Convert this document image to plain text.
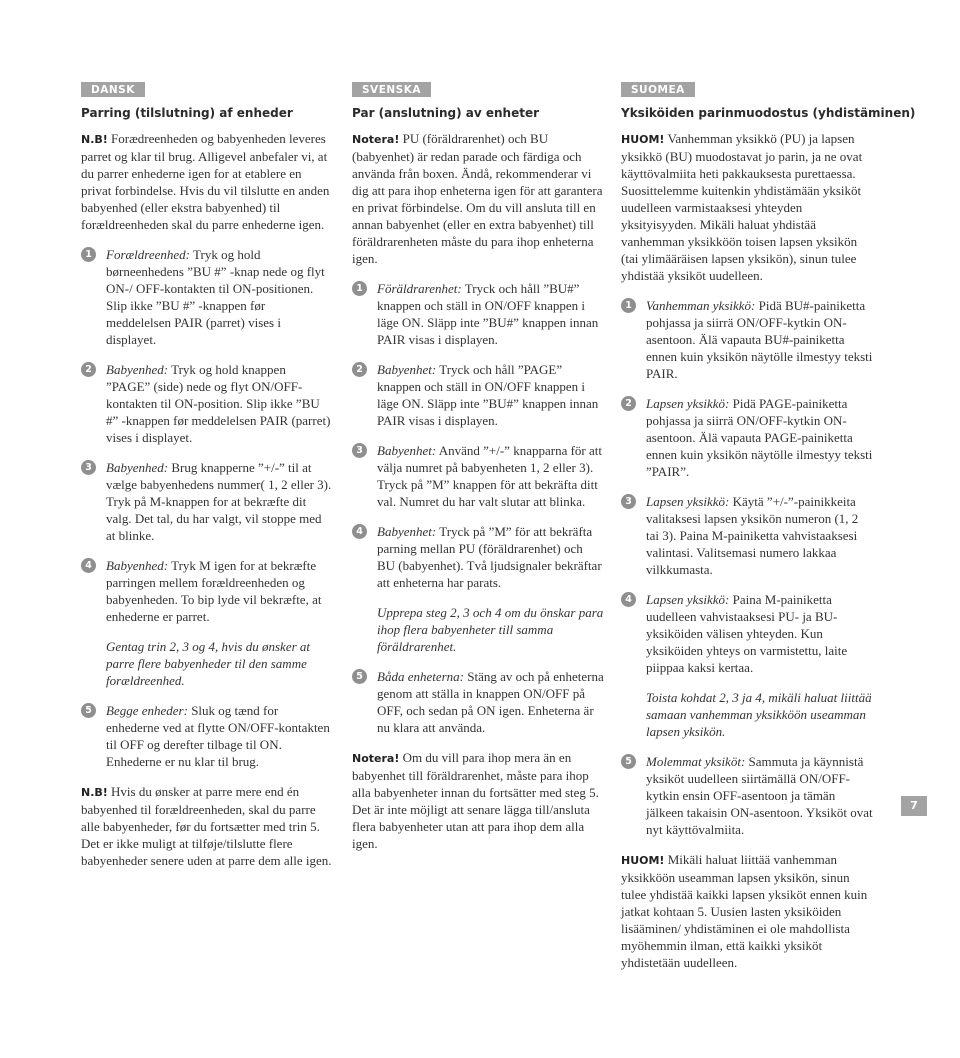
DANSK
Parring (tilslutning) af enheder

N.B! Forædreenheden og babyenheden leveres parret og klar til brug. Alligevel anbefaler vi, at du parrer enhederne igen for at etablere en privat forbindelse. Hvis du vil tilslutte en anden babyenhed (eller ekstra babyenhed) til forældreenheden skal du parre enhederne igen.

1	Forældreenhed: Tryk og hold børneenhedens ”BU #” -knap nede og flyt ON-/ OFF-kontakten til ON-positionen. Slip ikke ”BU #” -knappen før meddelelsen PAIR (parret) vises i displayet.

2	Babyenhed: Tryk og hold knappen ”PAGE” (side) nede og flyt ON/OFF-kontakten til ON-position. Slip ikke ”BU #” -knappen før meddelelsen PAIR (parret) vises i displayet.

3	Babyenhed: Brug knapperne ”+/-” til at vælge babyenhedens nummer( 1, 2 eller 3). Tryk på M-knappen for at bekræfte dit valg. Det tal, du har valgt, vil stoppe med at blinke.

4	Babyenhed: Tryk M igen for at bekræfte parringen mellem forældreenheden og babyenheden. To bip lyde vil bekræfte, at enhederne er parret.

Gentag trin 2, 3 og 4, hvis du ønsker at parre flere babyenheder til den samme forældreenhed.

5	Begge enheder: Sluk og tænd for enhederne ved at flytte ON/OFF-kontakten til OFF og derefter tilbage til ON. Enhederne er nu klar til brug.

N.B! Hvis du ønsker at parre mere end én babyenhed til forældreenheden, skal du parre alle babyenheder, før du fortsætter med trin 5. Det er ikke muligt at tilføje/tilslutte flere babyenheder senere uden at parre dem alle igen.

SVENSKA
Par (anslutning) av enheter

Notera! PU (föräldrarenhet) och BU (babyenhet) är redan parade och färdiga och använda från boxen. Ändå, rekommenderar vi dig att para ihop enheterna igen för att garantera en privat förbindelse. Om du vill ansluta till en annan babyenhet (eller en extra babyenhet) till föräldrarenheten måste du para ihop enheterna igen.

1	Föräldrarenhet: Tryck och håll ”BU#” knappen och ställ in ON/OFF knappen i läge ON. Släpp inte ”BU#” knappen innan PAIR visas i displayen.

2	Babyenhet: Tryck och håll ”PAGE” knappen och ställ in ON/OFF knappen i läge ON. Släpp inte ”BU#” knappen innan PAIR visas i displayen.

3	Babyenhet: Använd ”+/-” knapparna för att välja numret på babyenheten 1, 2 eller 3). Tryck på ”M” knappen för att bekräfta ditt val. Numret du har valt slutar att blinka.

4	Babyenhet: Tryck på ”M” för att bekräfta parning mellan PU (föräldrarenhet) och BU (babyenhet). Två ljudsignaler bekräftar att enheterna har parats.

Upprepa steg 2, 3 och 4 om du önskar para ihop flera babyenheter till samma föräldrarenhet.

5	Båda enheterna: Stäng av och på enheterna genom att ställa in knappen ON/OFF på OFF, och sedan på ON igen. Enheterna är nu klara att använda.

Notera! Om du vill para ihop mera än en babyenhet till föräldrarenhet, måste para ihop alla babyenheter innan du fortsätter med steg 5. Det är inte möjligt att senare lägga till/ansluta flera babyenheter utan att para ihop dem alla igen.

SUOMEA
Yksiköiden parinmuodostus (yhdistäminen)

HUOM! Vanhemman yksikkö (PU) ja lapsen yksikkö (BU) muodostavat jo parin, ja ne ovat käyttövalmiita heti pakkauksesta purettaessa. Suosittelemme kuitenkin yhdistämään yksiköt uudelleen varmistaaksesi yhteyden yksityisyyden. Mikäli haluat yhdistää vanhemman yksikköön toisen lapsen yksikön (tai ylimääräisen lapsen yksikön), sinun tulee yhdistää yksiköt uudelleen.

1	Vanhemman yksikkö: Pidä BU#-painiketta pohjassa ja siirrä ON/OFF-kytkin ON-asentoon. Älä vapauta BU#-painiketta ennen kuin yksikön näytölle ilmestyy teksti PAIR.

2	Lapsen yksikkö: Pidä PAGE-painiketta pohjassa ja siirrä ON/OFF-kytkin ON-asentoon. Älä vapauta PAGE-painiketta ennen kuin yksikön näytölle ilmestyy teksti ”PAIR”.

3	Lapsen yksikkö: Käytä ”+/-”-painikkeita valitaksesi lapsen yksikön numeron (1, 2 tai 3). Paina M-painiketta vahvistaaksesi valintasi. Valitsemasi numero lakkaa vilkkumasta.

4	Lapsen yksikkö: Paina M-painiketta uudelleen vahvistaaksesi PU- ja BU-yksiköiden välisen yhteyden. Kun yksiköiden yhteys on varmistettu, laite piippaa kaksi kertaa.

Toista kohdat 2, 3 ja 4, mikäli haluat liittää samaan vanhemman yksikköön useamman lapsen yksikön.

5	Molemmat yksiköt: Sammuta ja käynnistä yksiköt uudelleen siirtämällä ON/OFF-kytkin ensin OFF-asentoon ja tämän jälkeen takaisin ON-asentoon. Yksiköt ovat nyt käyttövalmiita.

HUOM! Mikäli haluat liittää vanhemman yksikköön useamman lapsen yksikön, sinun tulee yhdistää kaikki lapsen yksiköt ennen kuin jatkat kohtaan 5. Uusien lasten yksiköiden lisääminen/ yhdistäminen ei ole mahdollista myöhemmin ilman, että kaikki yksiköt yhdistetään uudelleen.

7
